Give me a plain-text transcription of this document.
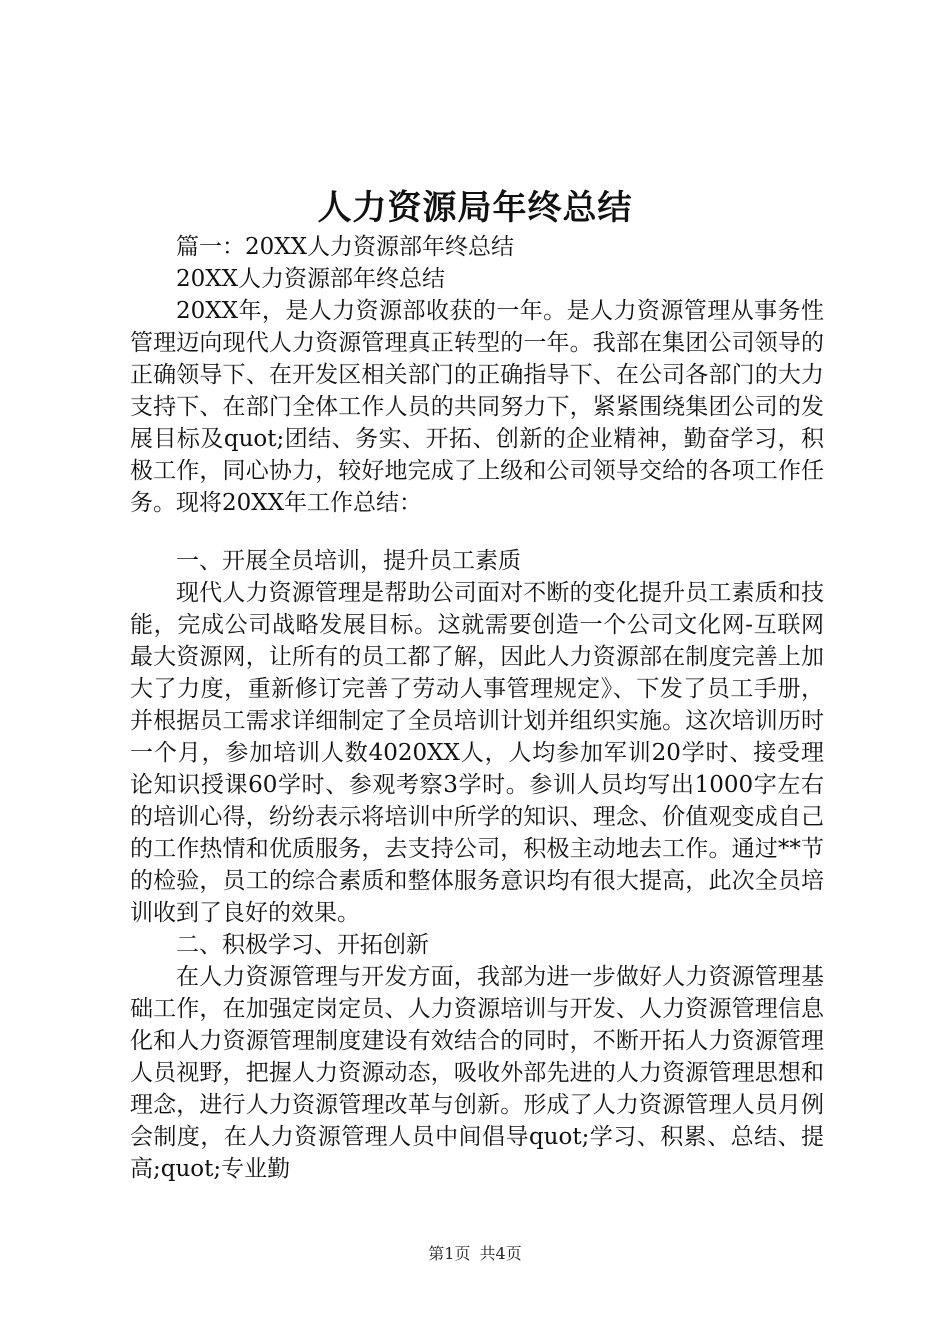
人力资源局年终总结

篇一：20XX人力资源部年终总结

20XX人力资源部年终总结

20XX年，是人力资源部收获的一年。是人力资源管理从事务性管理迈向现代人力资源管理真正转型的一年。我部在集团公司领导的正确领导下、在开发区相关部门的正确指导下、在公司各部门的大力支持下、在部门全体工作人员的共同努力下，紧紧围绕集团公司的发展目标及quot;团结、务实、开拓、创新的企业精神，勤奋学习，积极工作，同心协力，较好地完成了上级和公司领导交给的各项工作任务。现将20XX年工作总结：

一、开展全员培训，提升员工素质

现代人力资源管理是帮助公司面对不断的变化提升员工素质和技能，完成公司战略发展目标。这就需要创造一个公司文化网-互联网最大资源网，让所有的员工都了解，因此人力资源部在制度完善上加大了力度，重新修订完善了劳动人事管理规定》、下发了员工手册，并根据员工需求详细制定了全员培训计划并组织实施。这次培训历时一个月，参加培训人数4020XX人，人均参加军训20学时、接受理论知识授课60学时、参观考察3学时。参训人员均写出1000字左右的培训心得，纷纷表示将培训中所学的知识、理念、价值观变成自己的工作热情和优质服务，去支持公司，积极主动地去工作。通过**节的检验，员工的综合素质和整体服务意识均有很大提高，此次全员培训收到了良好的效果。

二、积极学习、开拓创新

在人力资源管理与开发方面，我部为进一步做好人力资源管理基础工作，在加强定岗定员、人力资源培训与开发、人力资源管理信息化和人力资源管理制度建设有效结合的同时，不断开拓人力资源管理人员视野，把握人力资源动态，吸收外部先进的人力资源管理思想和理念，进行人力资源管理改革与创新。形成了人力资源管理人员月例会制度，在人力资源管理人员中间倡导quot;学习、积累、总结、提高;quot;专业勤

第1页 共4页
